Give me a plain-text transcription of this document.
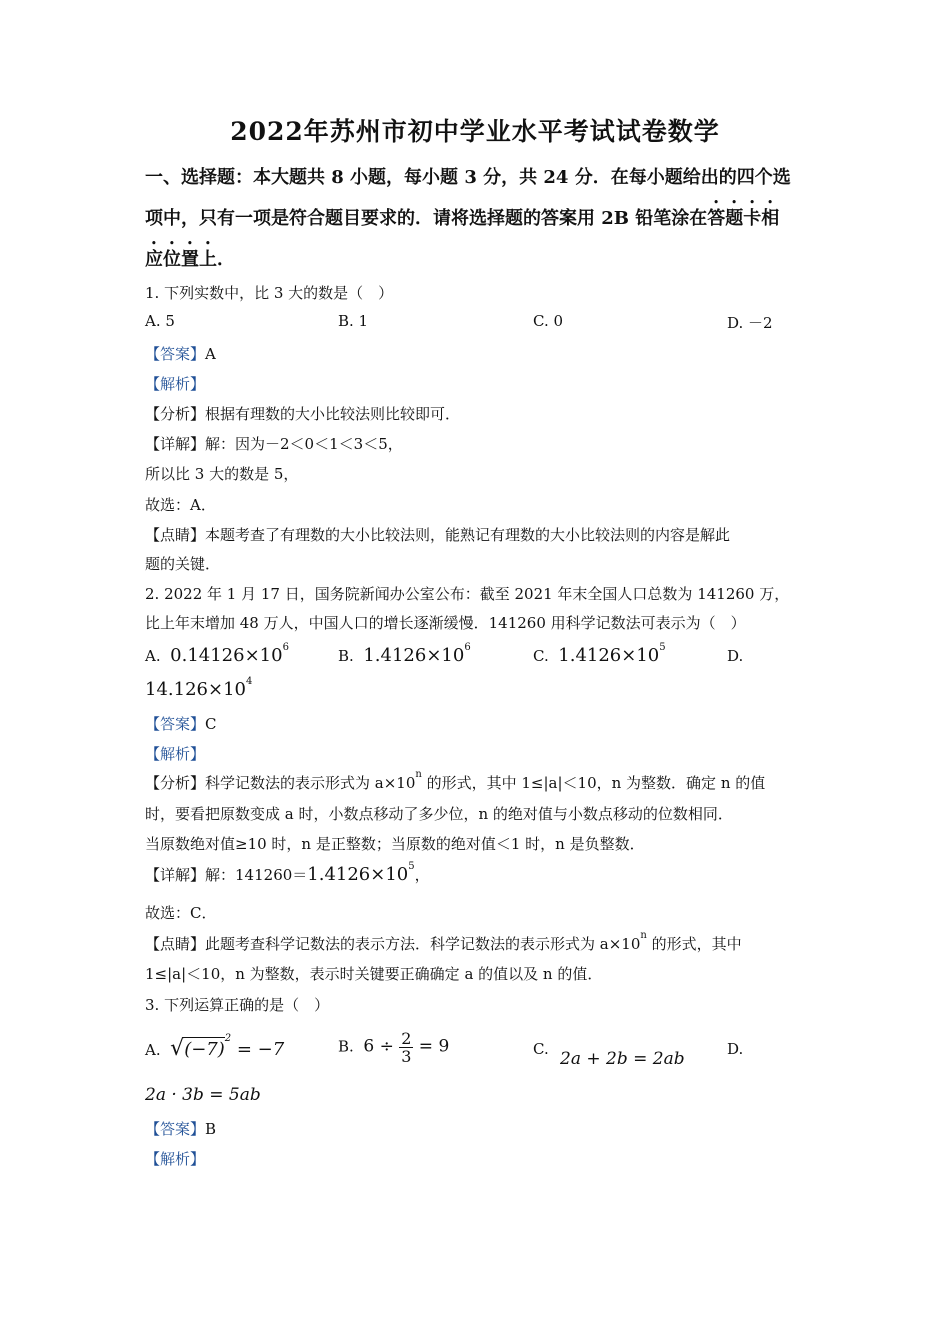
2022年苏州市初中学业水平考试试卷数学
一、选择题：本大题共 8 小题，每小题 3 分，共 24 分．在每小题给出的四个选
项中，只有一项是符合题目要求的．请将选择题的答案用 2B 铅笔涂在答题卡相
应位置上．
1. 下列实数中，比 3 大的数是（　）
A. 5	B. 1	C. 0	D. －2
【答案】A
【解析】
【分析】根据有理数的大小比较法则比较即可．
【详解】解：因为－2＜0＜1＜3＜5，
所以比 3 大的数是 5，
故选：A．
【点睛】本题考查了有理数的大小比较法则，能熟记有理数的大小比较法则的内容是解此
题的关键．
2. 2022 年 1 月 17 日，国务院新闻办公室公布：截至 2021 年末全国人口总数为 141260 万，
比上年末增加 48 万人，中国人口的增长逐渐缓慢．141260 用科学记数法可表示为（　）
A. $0.14126\times 10^6$	B. $1.4126\times 10^6$	C. $1.4126\times 10^5$	D.
$14.126\times 10^4$
【答案】C
【解析】
【分析】科学记数法的表示形式为 $a\times 10^n$ 的形式，其中 1≤|a|＜10，n 为整数．确定 n 的值
时，要看把原数变成 a 时，小数点移动了多少位，n 的绝对值与小数点移动的位数相同．
当原数绝对值≥10 时，n 是正整数；当原数的绝对值＜1 时，n 是负整数．
【详解】解：$141260=1.4126\times 10^5$，
故选：C．
【点睛】此题考查科学记数法的表示方法．科学记数法的表示形式为 $a\times 10^n$ 的形式，其中
1≤|a|＜10，n 为整数，表示时关键要正确确定 a 的值以及 n 的值．
3. 下列运算正确的是（　）
A. $√(-7)^2 = -7$	B. $6 \div \frac{2}{3} = 9$	C. 2a + 2b = 2ab	D.
2a · 3b = 5ab
【答案】B
【解析】
